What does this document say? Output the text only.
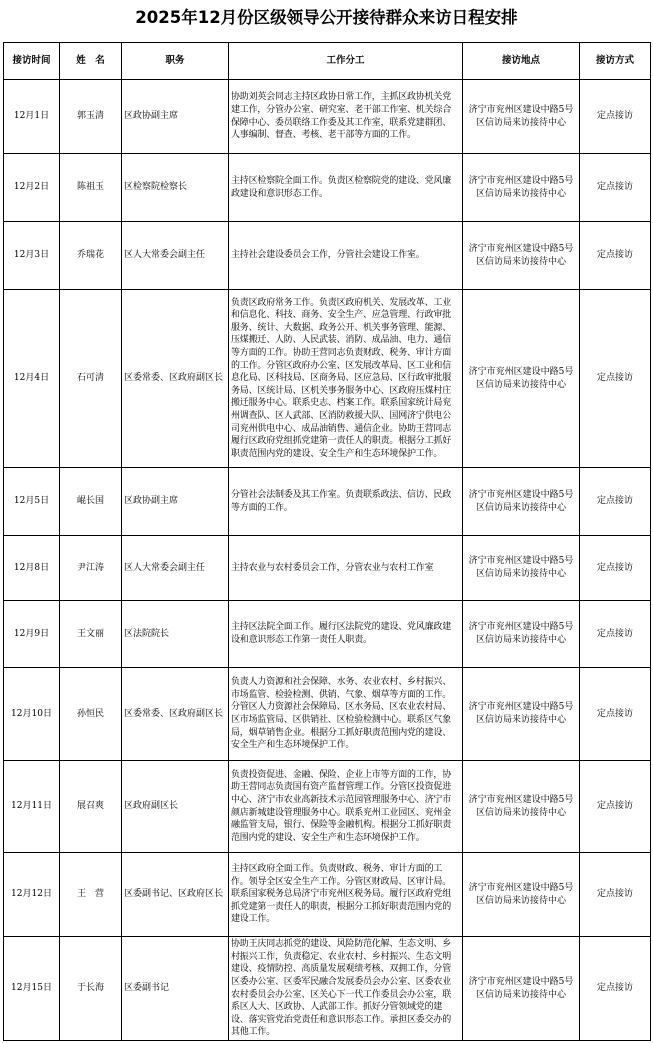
2025年12月份区级领导公开接待群众来访日程安排
接访时间	姓　名	职务	工作分工	接访地点	接访方式
12月1日	郭玉清	区政协副主席	协助刘英会同志主持区政协日常工作，主抓区政协机关党建工作，分管办公室、研究室、老干部工作室、机关综合保障中心、委员联络工作委及其工作室，联系党建群团、人事编制、督查、考核、老干部等方面的工作。	济宁市兖州区建设中路5号区信访局来访接待中心	定点接访
12月2日	陈祖玉	区检察院检察长	主持区检察院全面工作。负责区检察院党的建设、党风廉政建设和意识形态工作。	济宁市兖州区建设中路5号区信访局来访接待中心	定点接访
12月3日	乔瑞花	区人大常委会副主任	主持社会建设委员会工作，分管社会建设工作室。	济宁市兖州区建设中路5号区信访局来访接待中心	定点接访
12月4日	石可清	区委常委、区政府副区长	负责区政府常务工作。负责区政府机关、发展改革、工业和信息化、科技、商务、安全生产、应急管理、行政审批服务、统计、大数据、政务公开、机关事务管理、能源、压煤搬迁、人防、人民武装、消防、成品油、电力、通信等方面的工作。协助王营同志负责财政、税务、审计方面的工作。分管区政府办公室、区发展改革局、区工业和信息化局、区科技局、区商务局、区应急局、区行政审批服务局、区统计局、区机关事务服务中心、区政府压煤村庄搬迁服务中心。联系史志、档案工作。联系国家统计局兖州调查队、区人武部、区消防救援大队、国网济宁供电公司兖州供电中心、成品油销售、通信企业。协助王营同志履行区政府党组抓党建第一责任人的职责。根据分工抓好职责范围内党的建设、安全生产和生态环境保护工作。	济宁市兖州区建设中路5号区信访局来访接待中心	定点接访
12月5日	崐长国	区政协副主席	分管社会法制委及其工作室。负责联系政法、信访、民政等方面的工作。	济宁市兖州区建设中路5号区信访局来访接待中心	定点接访
12月8日	尹江涛	区人大常委会副主任	主持农业与农村委员会工作，分管农业与农村工作室	济宁市兖州区建设中路5号区信访局来访接待中心	定点接访
12月9日	王文丽	区法院院长	主持区法院全面工作。履行区法院党的建设、党风廉政建设和意识形态工作第一责任人职责。	济宁市兖州区建设中路5号区信访局来访接待中心	定点接访
12月10日	孙恒民	区委常委、区政府副区长	负责人力资源和社会保障、水务、农业农村、乡村振兴、市场监管、检验检测、供销、气象、烟草等方面的工作。分管区人力资源社会保障局、区水务局、区农业农村局、区市场监管局、区供销社、区检验检测中心。联系区气象局，烟草销售企业。根据分工抓好职责范围内党的建设、安全生产和生态环境保护工作。	济宁市兖州区建设中路5号区信访局来访接待中心	定点接访
12月11日	展召爽	区政府副区长	负责投资促进、金融、保险、企业上市等方面的工作，协助王营同志负责国有资产监督管理工作。分管区投资促进中心、济宁市农业高新技术示范园管理服务中心、济宁市颜店新城建设管理服务中心。联系兖州工业园区、兖州金融监管支局，银行、保险等金融机构。根据分工抓好职责范围内党的建设、安全生产和生态环境保护工作。	济宁市兖州区建设中路5号区信访局来访接待中心	定点接访
12月12日	王　营	区委副书记、区政府区长	主持区政府全面工作。负责财政、税务、审计方面的工作。领导全区安全生产工作。分管区财政局、区审计局。联系国家税务总局济宁市兖州区税务局。履行区政府党组抓党建第一责任人的职责，根据分工抓好职责范围内党的建设工作。	济宁市兖州区建设中路5号区信访局来访接待中心	定点接访
12月15日	于长海	区委副书记	协助王庆同志抓党的建设、风险防范化解、生态文明、乡村振兴工作，负责稳定、农业农村、乡村振兴、生态文明建设、疫情防控、高质量发展观绩考核、双拥工作，分管区委办公室、区委军民融合发展委员会办公室、区委农业农村委员会办公室、区关心下一代工作委员会办公室，联系区人大、区政协、人武部工作。抓好分管领域党的建设、落实管党治党责任和意识形态工作。承担区委交办的其他工作。	济宁市兖州区建设中路5号区信访局来访接待中心	定点接访
